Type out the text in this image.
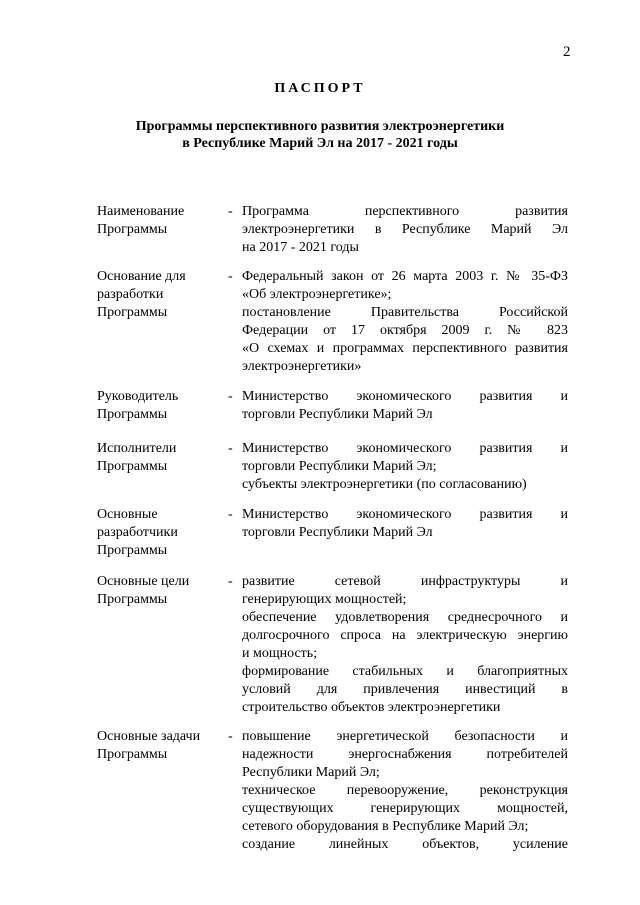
2
ПАСПОРТ
Программы перспективного развития электроэнергетики
в Республике Марий Эл на 2017 - 2021 годы
Наименование
Программы
- Программа перспективного развития
электроэнергетики в Республике Марий Эл
на 2017 - 2021 годы
Основание для
разработки
Программы
- Федеральный закон от 26 марта 2003 г. № 35-ФЗ
«Об электроэнергетике»;
постановление Правительства Российской
Федерации от 17 октября 2009 г. № 823
«О схемах и программах перспективного развития
электроэнергетики»
Руководитель
Программы
- Министерство экономического развития и
торговли Республики Марий Эл
Исполнители
Программы
- Министерство экономического развития и
торговли Республики Марий Эл;
субъекты электроэнергетики (по согласованию)
Основные
разработчики
Программы
- Министерство экономического развития и
торговли Республики Марий Эл
Основные цели
Программы
- развитие сетевой инфраструктуры и
генерирующих мощностей;
обеспечение удовлетворения среднесрочного и
долгосрочного спроса на электрическую энергию
и мощность;
формирование стабильных и благоприятных
условий для привлечения инвестиций в
строительство объектов электроэнергетики
Основные задачи
Программы
- повышение энергетической безопасности и
надежности энергоснабжения потребителей
Республики Марий Эл;
техническое перевооружение, реконструкция
существующих генерирующих мощностей,
сетевого оборудования в Республике Марий Эл;
создание линейных объектов, усиление
